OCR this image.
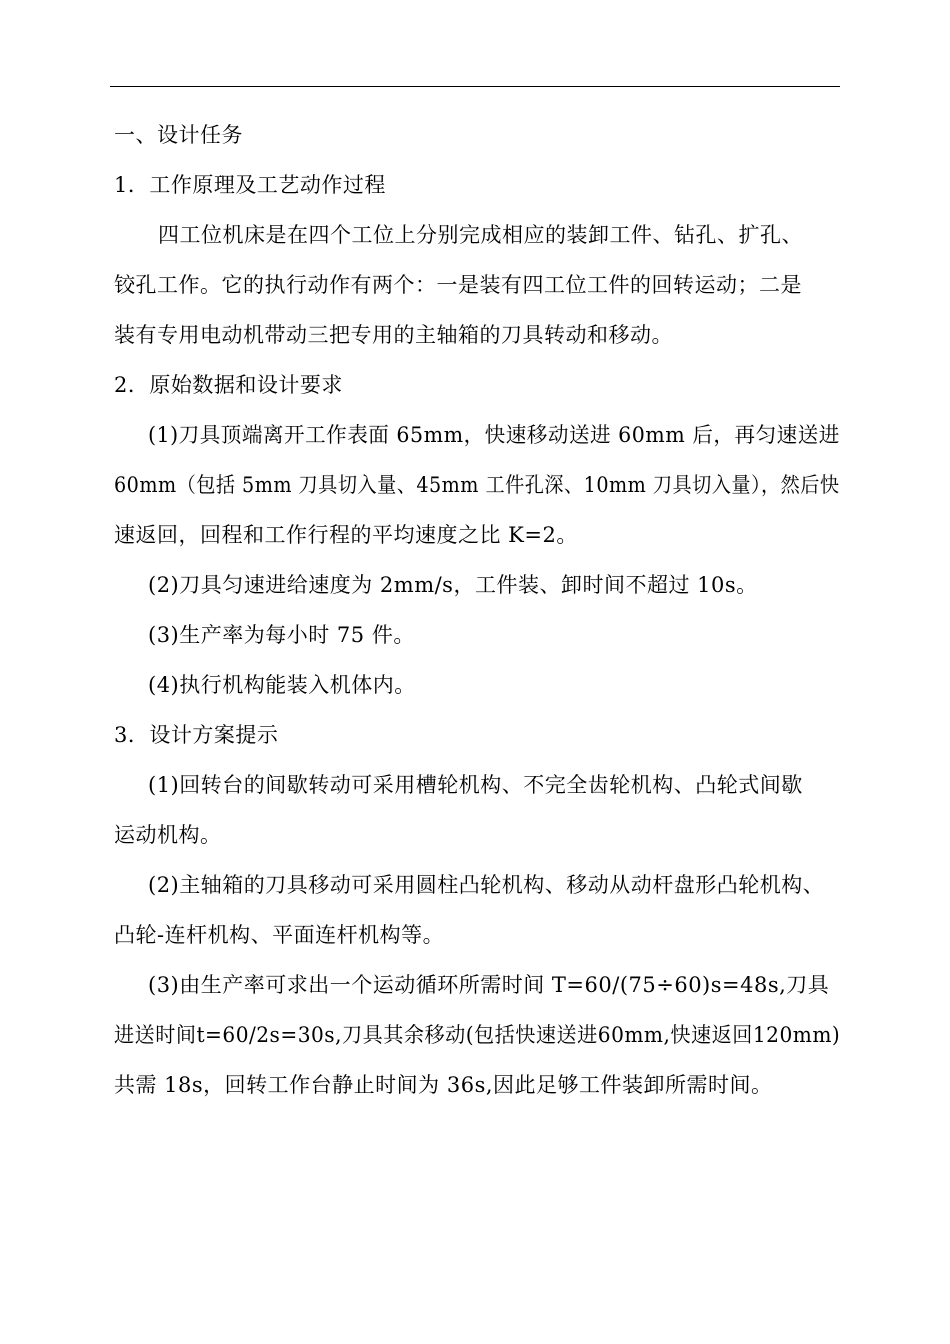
一、设计任务
1．工作原理及工艺动作过程
四工位机床是在四个工位上分别完成相应的装卸工件、钻孔、扩孔、
铰孔工作。它的执行动作有两个：一是装有四工位工件的回转运动；二是
装有专用电动机带动三把专用的主轴箱的刀具转动和移动。
2．原始数据和设计要求
(1)刀具顶端离开工作表面 65mm，快速移动送进 60mm 后，再匀速送进
60mm（包括 5mm 刀具切入量、45mm 工件孔深、10mm 刀具切入量），然后快
速返回，回程和工作行程的平均速度之比 K=2。
(2)刀具匀速进给速度为 2mm/s，工件装、卸时间不超过 10s。
(3)生产率为每小时 75 件。
(4)执行机构能装入机体内。
3．设计方案提示
(1)回转台的间歇转动可采用槽轮机构、不完全齿轮机构、凸轮式间歇
运动机构。
(2)主轴箱的刀具移动可采用圆柱凸轮机构、移动从动杆盘形凸轮机构、
凸轮-连杆机构、平面连杆机构等。
(3)由生产率可求出一个运动循环所需时间 T=60/(75÷60)s=48s,刀具
进送时间t=60/2s=30s,刀具其余移动(包括快速送进60mm,快速返回120mm)
共需 18s，回转工作台静止时间为 36s,因此足够工件装卸所需时间。
